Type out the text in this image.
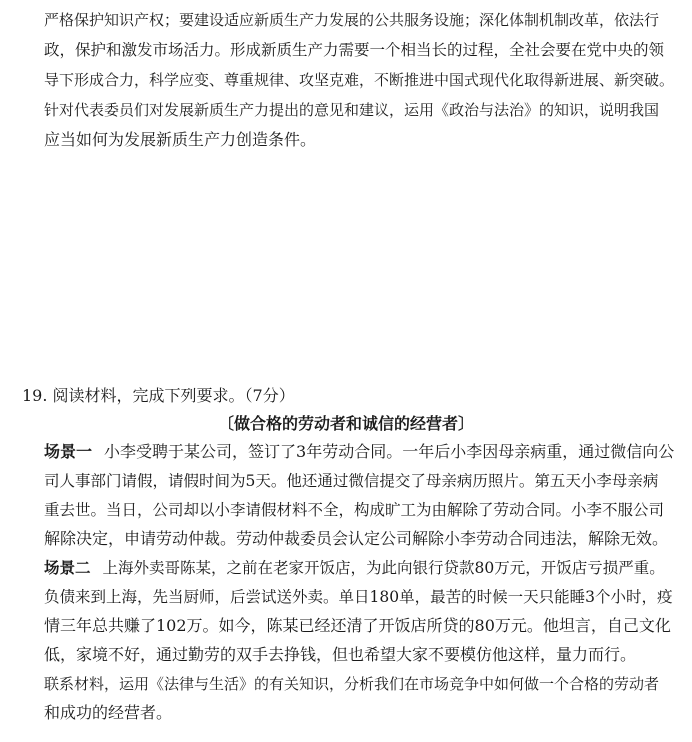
严格保护知识产权；要建设适应新质生产力发展的公共服务设施；深化体制机制改革，依法行
政，保护和激发市场活力。形成新质生产力需要一个相当长的过程，全社会要在党中央的领
导下形成合力，科学应变、尊重规律、攻坚克难，不断推进中国式现代化取得新进展、新突破。
针对代表委员们对发展新质生产力提出的意见和建议，运用《政治与法治》的知识，说明我国
应当如何为发展新质生产力创造条件。
19. 阅读材料，完成下列要求。（7分）
〔做合格的劳动者和诚信的经营者〕
场景一 小李受聘于某公司，签订了3年劳动合同。一年后小李因母亲病重，通过微信向公
司人事部门请假，请假时间为5天。他还通过微信提交了母亲病历照片。第五天小李母亲病
重去世。当日，公司却以小李请假材料不全，构成旷工为由解除了劳动合同。小李不服公司
解除决定，申请劳动仲裁。劳动仲裁委员会认定公司解除小李劳动合同违法，解除无效。
场景二 上海外卖哥陈某，之前在老家开饭店，为此向银行贷款80万元，开饭店亏损严重。
负债来到上海，先当厨师，后尝试送外卖。单日180单，最苦的时候一天只能睡3个小时，疫
情三年总共赚了102万。如今，陈某已经还清了开饭店所贷的80万元。他坦言，自己文化
低，家境不好，通过勤劳的双手去挣钱，但也希望大家不要模仿他这样，量力而行。
联系材料，运用《法律与生活》的有关知识，分析我们在市场竞争中如何做一个合格的劳动者
和成功的经营者。
